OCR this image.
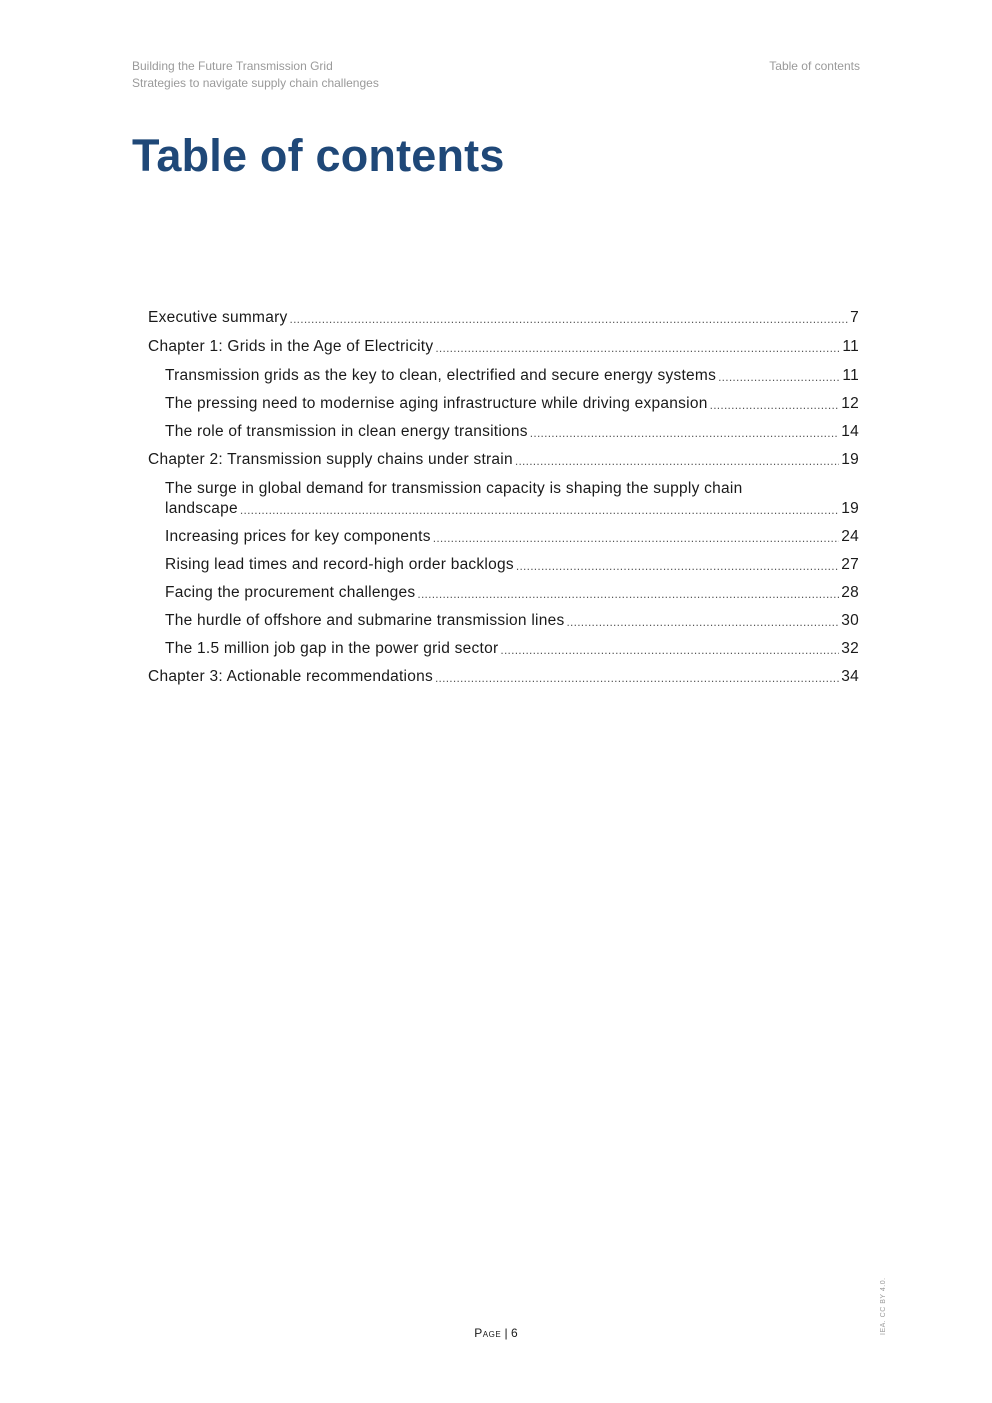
Building the Future Transmission Grid
Strategies to navigate supply chain challenges
Table of contents
Table of contents
Executive summary .....	7
Chapter 1: Grids in the Age of Electricity .....	11
Transmission grids as the key to clean, electrified and secure energy systems .....	11
The pressing need to modernise aging infrastructure while driving expansion .....	12
The role of transmission in clean energy transitions .....	14
Chapter 2: Transmission supply chains under strain .....	19
The surge in global demand for transmission capacity is shaping the supply chain
landscape .....	19
Increasing prices for key components .....	24
Rising lead times and record-high order backlogs .....	27
Facing the procurement challenges .....	28
The hurdle of offshore and submarine transmission lines .....	30
The 1.5 million job gap in the power grid sector .....	32
Chapter 3: Actionable recommendations .....	34
Page | 6	IEA. CC BY 4.0.
